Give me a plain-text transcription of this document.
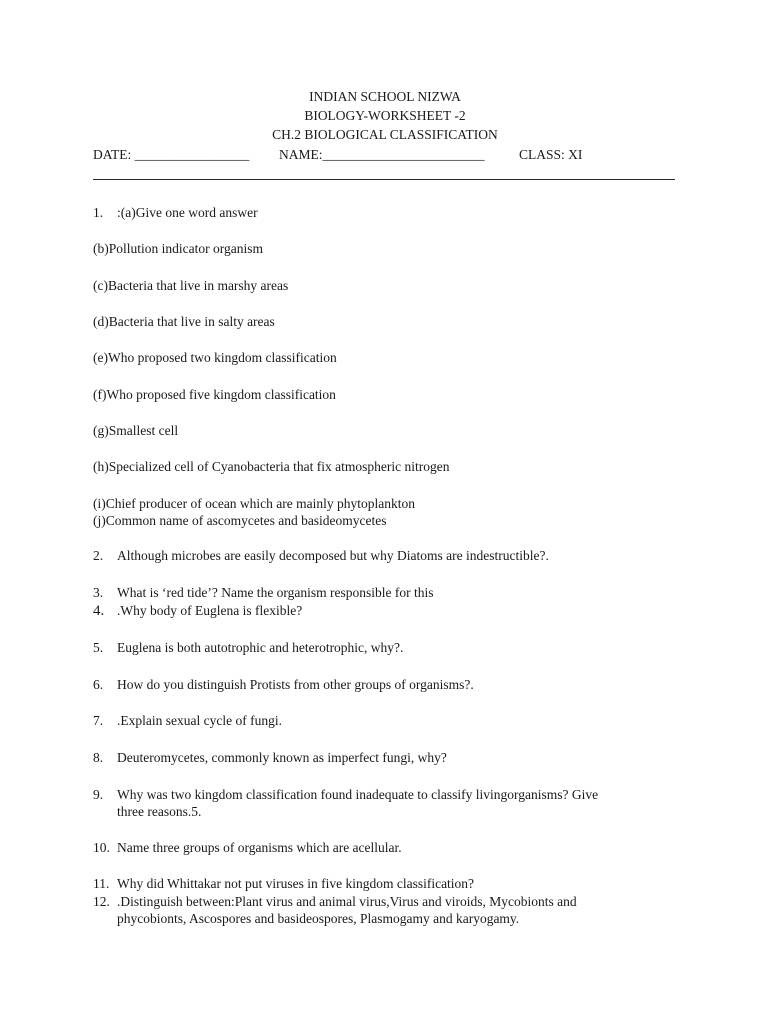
INDIAN SCHOOL NIZWA
BIOLOGY-WORKSHEET -2
CH.2 BIOLOGICAL CLASSIFICATION
DATE: _________________ NAME:________________________	CLASS: XI
1. :(a)Give one word answer
(b)Pollution indicator organism
(c)Bacteria that live in marshy areas
(d)Bacteria that live in salty areas
(e)Who proposed two kingdom classification
(f)Who proposed five kingdom classification
(g)Smallest cell
(h)Specialized cell of Cyanobacteria that fix atmospheric nitrogen
(i)Chief producer of ocean which are mainly phytoplankton
(j)Common name of ascomycetes and basideomycetes
2. Although microbes are easily decomposed but why Diatoms are indestructible?.
3. What is ‘red tide’? Name the organism responsible for this
4. .Why body of Euglena is flexible?
5. Euglena is both autotrophic and heterotrophic, why?.
6. How do you distinguish Protists from other groups of organisms?.
7. .Explain sexual cycle of fungi.
8. Deuteromycetes, commonly known as imperfect fungi, why?
9. Why was two kingdom classification found inadequate to classify livingorganisms? Give
three reasons.5.
10. Name three groups of organisms which are acellular.
11. Why did Whittakar not put viruses in five kingdom classification?
12. .Distinguish between:Plant virus and animal virus,Virus and viroids, Mycobionts and
phycobionts, Ascospores and basideospores, Plasmogamy and karyogamy.
